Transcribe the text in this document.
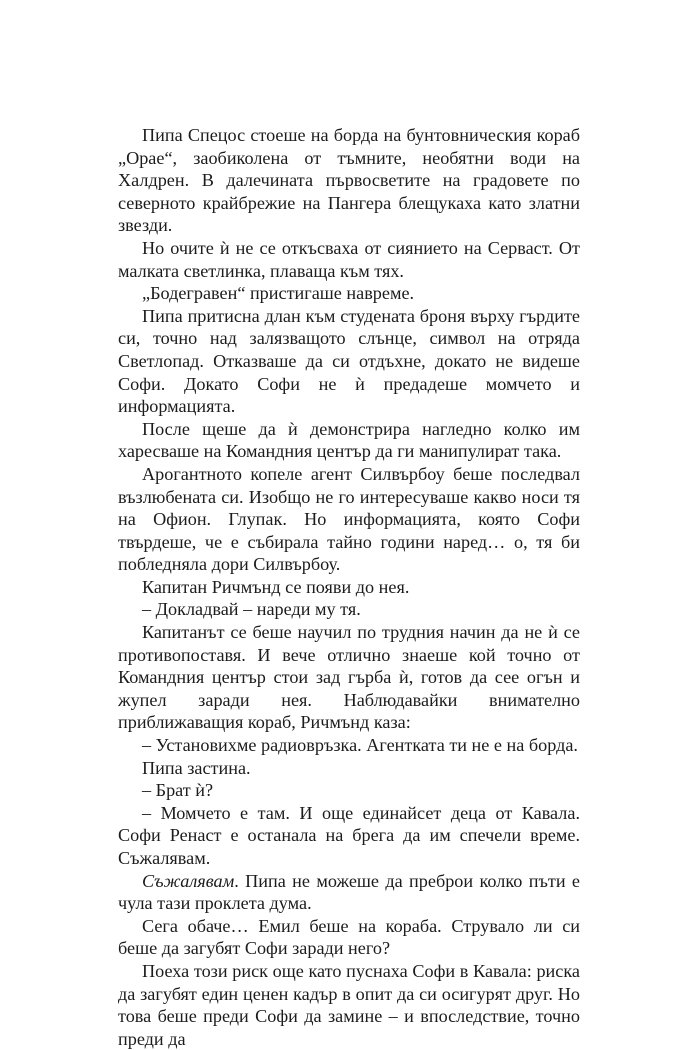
Пипа Спецос стоеше на борда на бунтовническия кораб „Орае“, заобиколена от тъмните, необятни води на Халдрен. В далечината първосветите на градовете по северното крайбрежие на Пангера блещукаха като златни звезди.

Но очите ѝ не се откъсваха от сиянието на Серваст. От малката светлинка, плаваща към тях.

„Бодегравен“ пристигаше навреме.

Пипа притисна длан към студената броня върху гърдите си, точно над залязващото слънце, символ на отряда Светлопад. Отказваше да си отдъхне, докато не видеше Софи. Докато Софи не ѝ предадеше момчето и информацията.

После щеше да ѝ демонстрира нагледно колко им харесваше на Командния център да ги манипулират така.

Арогантното копеле агент Силвърбоу беше последвал възлюбената си. Изобщо не го интересуваше какво носи тя на Офион. Глупак. Но информацията, която Софи твърдеше, че е събирала тайно години наред… о, тя би побледняла дори Силвърбоу.

Капитан Ричмънд се появи до нея.

– Докладвай – нареди му тя.

Капитанът се беше научил по трудния начин да не ѝ се противопоставя. И вече отлично знаеше кой точно от Командния център стои зад гърба ѝ, готов да сее огън и жупел заради нея. Наблюдавайки внимателно приближаващия кораб, Ричмънд каза:

– Установихме радиовръзка. Агентката ти не е на борда.

Пипа застина.

– Брат ѝ?

– Момчето е там. И още единайсет деца от Кавала. Софи Ренаст е останала на брега да им спечели време. Съжалявам.

Съжалявам. Пипа не можеше да преброи колко пъти е чула тази проклета дума.

Сега обаче… Емил беше на кораба. Струвало ли си беше да загубят Софи заради него?

Поеха този риск още като пуснаха Софи в Кавала: риска да загубят един ценен кадър в опит да си осигурят друг. Но това беше преди Софи да замине – и впоследствие, точно преди да
